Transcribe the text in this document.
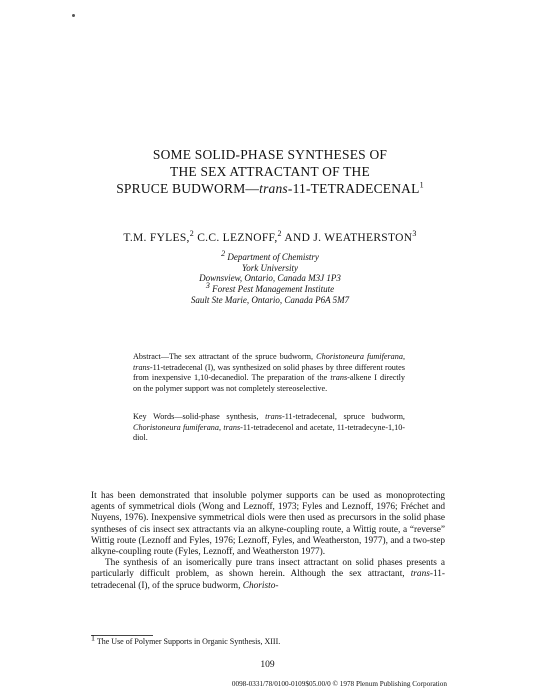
SOME SOLID-PHASE SYNTHESES OF
THE SEX ATTRACTANT OF THE
SPRUCE BUDWORM—trans-11-TETRADECENAL$^1$
T.M. FYLES,$^2$ C.C. LEZNOFF,$^2$ AND J. WEATHERSTON$^3$
2 Department of Chemistry
York University
Downsview, Ontario, Canada M3J 1P3
3 Forest Pest Management Institute
Sault Ste Marie, Ontario, Canada P6A 5M7
Abstract—The sex attractant of the spruce budworm, Choristoneura fumiferana, trans-11-tetradecenal (I), was synthesized on solid phases by three different routes from inexpensive 1,10-decanediol. The preparation of the trans-alkene I directly on the polymer support was not completely stereoselective.
Key Words—solid-phase synthesis, trans-11-tetradecenal, spruce budworm, Choristoneura fumiferana, trans-11-tetradecenol and acetate, 11-tetradecyne-1,10-diol.

It has been demonstrated that insoluble polymer supports can be used as monoprotecting agents of symmetrical diols (Wong and Leznoff, 1973; Fyles and Leznoff, 1976; Fréchet and Nuyens, 1976). Inexpensive symmetrical diols were then used as precursors in the solid phase syntheses of cis insect sex attractants via an alkyne-coupling route, a Wittig route, a “reverse” Wittig route (Leznoff and Fyles, 1976; Leznoff, Fyles, and Weatherston, 1977), and a two-step alkyne-coupling route (Fyles, Leznoff, and Weatherston 1977).

The synthesis of an isomerically pure trans insect attractant on solid phases presents a particularly difficult problem, as shown herein. Although the sex attractant, trans-11-tetradecenal (I), of the spruce budworm, Choristo-

1 The Use of Polymer Supports in Organic Synthesis, XIII.
109
0098-0331/78/0100-0109$05.00/0 © 1978 Plenum Publishing Corporation
